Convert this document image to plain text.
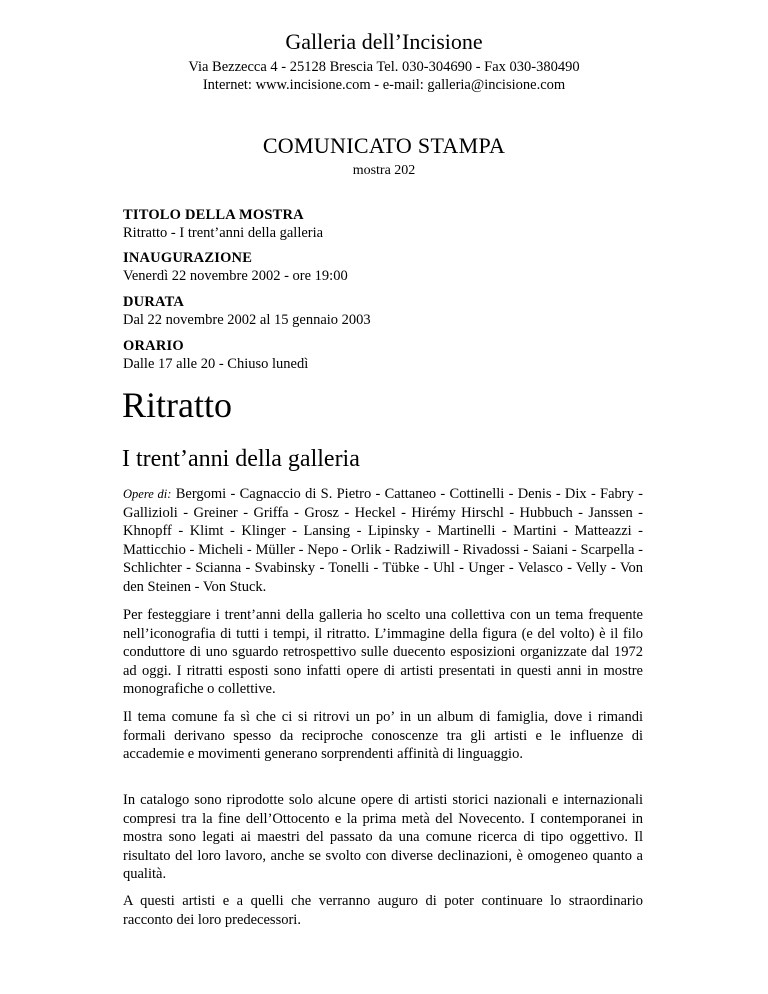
Galleria dell’Incisione
Via Bezzecca 4 - 25128 Brescia Tel. 030-304690 - Fax 030-380490
Internet: www.incisione.com - e-mail: galleria@incisione.com
COMUNICATO STAMPA
mostra 202
TITOLO DELLA MOSTRA
Ritratto - I trent’anni della galleria
INAUGURAZIONE
Venerdì 22 novembre 2002 - ore 19:00
DURATA
Dal 22 novembre 2002 al 15 gennaio 2003
ORARIO
Dalle 17 alle 20 - Chiuso lunedì
Ritratto
I trent’anni della galleria

Opere di: Bergomi - Cagnaccio di S. Pietro - Cattaneo - Cottinelli - Denis - Dix - Fabry - Gallizioli - Greiner - Griffa - Grosz - Heckel - Hirémy Hirschl - Hubbuch - Janssen - Khnopff - Klimt - Klinger - Lansing - Lipinsky - Martinelli - Martini - Matteazzi - Matticchio - Micheli - Müller - Nepo - Orlik - Radziwill - Rivadossi - Saiani - Scarpella - Schlichter - Scianna - Svabinsky - Tonelli - Tübke - Uhl - Unger - Velasco - Velly - Von den Steinen - Von Stuck.

Per festeggiare i trent’anni della galleria ho scelto una collettiva con un tema frequente nell’iconografia di tutti i tempi, il ritratto. L’immagine della figura (e del volto) è il filo conduttore di uno sguardo retrospettivo sulle duecento esposizioni organizzate dal 1972 ad oggi. I ritratti esposti sono infatti opere di artisti presentati in questi anni in mostre monografiche o collettive.

Il tema comune fa sì che ci si ritrovi un po’ in un album di famiglia, dove i rimandi formali derivano spesso da reciproche conoscenze tra gli artisti e le influenze di accademie e movimenti generano sorprendenti affinità di linguaggio.

In catalogo sono riprodotte solo alcune opere di artisti storici nazionali e internazionali compresi tra la fine dell’Ottocento e la prima metà del Novecento. I contemporanei in mostra sono legati ai maestri del passato da una comune ricerca di tipo oggettivo. Il risultato del loro lavoro, anche se svolto con diverse declinazioni, è omogeneo quanto a qualità.

A questi artisti e a quelli che verranno auguro di poter continuare lo straordinario racconto dei loro predecessori.
